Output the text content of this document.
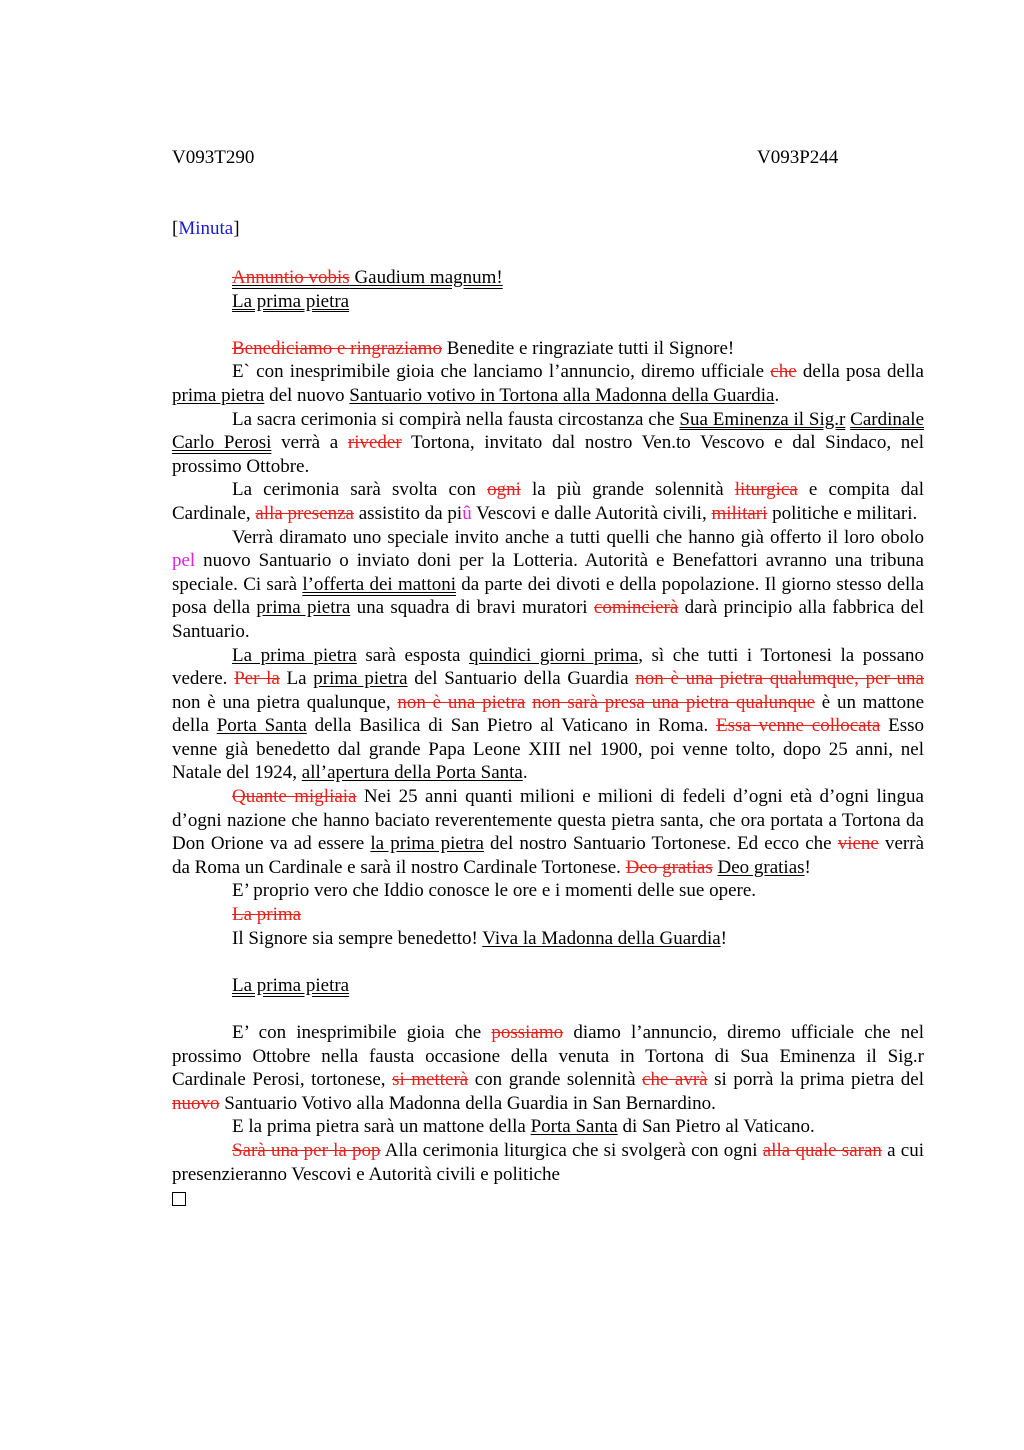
V093T290	V093P244
[Minuta]

Annuntio vobis Gaudium magnum!

La prima pietra

Benediciamo e ringraziamo Benedite e ringraziate tutti il Signore!

E` con inesprimibile gioia che lanciamo l’annuncio, diremo ufficiale che della posa della prima pietra del nuovo Santuario votivo in Tortona alla Madonna della Guardia.

La sacra cerimonia si compirà nella fausta circostanza che Sua Eminenza il Sig.r Cardinale Carlo Perosi verrà a riveder Tortona, invitato dal nostro Ven.to Vescovo e dal Sindaco, nel prossimo Ottobre.

La cerimonia sarà svolta con ogni la più grande solennità liturgica e compita dal Cardinale, alla presenza assistito da piû Vescovi e dalle Autorità civili, militari politiche e militari.

Verrà diramato uno speciale invito anche a tutti quelli che hanno già offerto il loro obolo pel nuovo Santuario o inviato doni per la Lotteria. Autorità e Benefattori avranno una tribuna speciale. Ci sarà l’offerta dei mattoni da parte dei divoti e della popolazione. Il giorno stesso della posa della prima pietra una squadra di bravi muratori comincierà darà principio alla fabbrica del Santuario.

La prima pietra sarà esposta quindici giorni prima, sì che tutti i Tortonesi la possano vedere. Per la La prima pietra del Santuario della Guardia non è una pietra qualumque, per una non è una pietra qualunque, non è una pietra non sarà presa una pietra qualunque è un mattone della Porta Santa della Basilica di San Pietro al Vaticano in Roma. Essa venne collocata Esso venne già benedetto dal grande Papa Leone XIII nel 1900, poi venne tolto, dopo 25 anni, nel Natale del 1924, all’apertura della Porta Santa.

Quante migliaia Nei 25 anni quanti milioni e milioni di fedeli d’ogni età d’ogni lingua d’ogni nazione che hanno baciato reverentemente questa pietra santa, che ora portata a Tortona da Don Orione va ad essere la prima pietra del nostro Santuario Tortonese. Ed ecco che viene verrà da Roma un Cardinale e sarà il nostro Cardinale Tortonese. Deo gratias Deo gratias!

E’ proprio vero che Iddio conosce le ore e i momenti delle sue opere.

La prima

Il Signore sia sempre benedetto! Viva la Madonna della Guardia!

La prima pietra

E’ con inesprimibile gioia che possiamo diamo l’annuncio, diremo ufficiale che nel prossimo Ottobre nella fausta occasione della venuta in Tortona di Sua Eminenza il Sig.r Cardinale Perosi, tortonese, si metterà con grande solennità che avrà si porrà la prima pietra del nuovo Santuario Votivo alla Madonna della Guardia in San Bernardino.

E la prima pietra sarà un mattone della Porta Santa di San Pietro al Vaticano.

Sarà una per la pop Alla cerimonia liturgica che si svolgerà con ogni alla quale saran a cui presenzieranno Vescovi e Autorità civili e politiche
